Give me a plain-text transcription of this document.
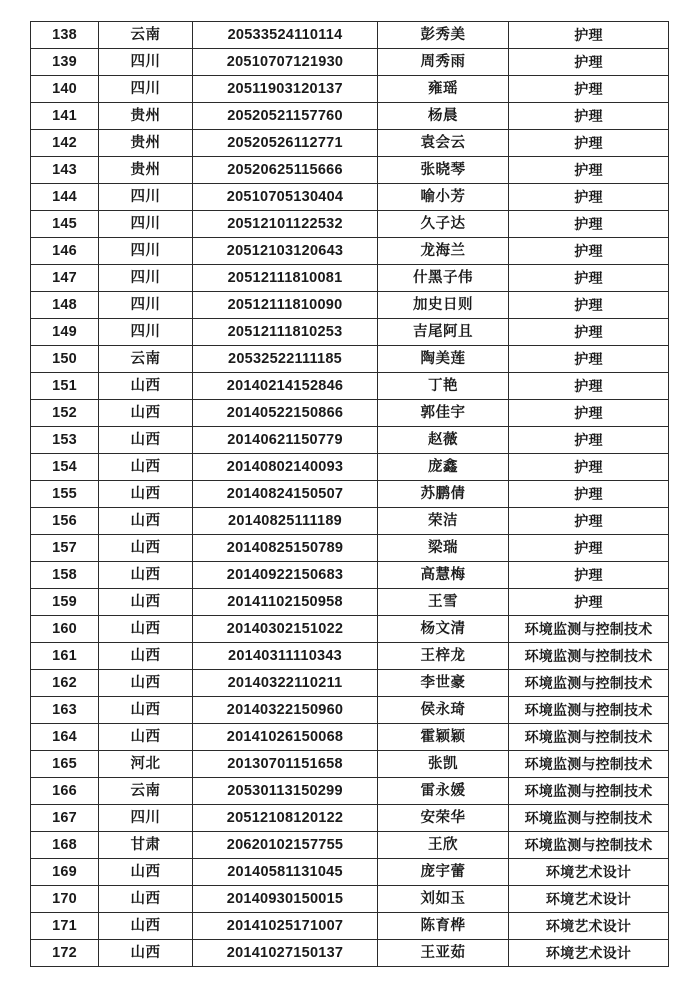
138	云南	20533524110114	彭秀美	护理
139	四川	20510707121930	周秀雨	护理
140	四川	20511903120137	雍瑶	护理
141	贵州	20520521157760	杨晨	护理
142	贵州	20520526112771	袁会云	护理
143	贵州	20520625115666	张晓琴	护理
144	四川	20510705130404	喻小芳	护理
145	四川	20512101122532	久子达	护理
146	四川	20512103120643	龙海兰	护理
147	四川	20512111810081	什黑子伟	护理
148	四川	20512111810090	加史日则	护理
149	四川	20512111810253	吉尾阿且	护理
150	云南	20532522111185	陶美莲	护理
151	山西	20140214152846	丁艳	护理
152	山西	20140522150866	郭佳宇	护理
153	山西	20140621150779	赵薇	护理
154	山西	20140802140093	庞鑫	护理
155	山西	20140824150507	苏鹏倩	护理
156	山西	20140825111189	荣洁	护理
157	山西	20140825150789	梁瑞	护理
158	山西	20140922150683	高慧梅	护理
159	山西	20141102150958	王雪	护理
160	山西	20140302151022	杨文清	环境监测与控制技术
161	山西	20140311110343	王梓龙	环境监测与控制技术
162	山西	20140322110211	李世豪	环境监测与控制技术
163	山西	20140322150960	侯永琦	环境监测与控制技术
164	山西	20141026150068	霍颖颖	环境监测与控制技术
165	河北	20130701151658	张凯	环境监测与控制技术
166	云南	20530113150299	雷永媛	环境监测与控制技术
167	四川	20512108120122	安荣华	环境监测与控制技术
168	甘肃	20620102157755	王欣	环境监测与控制技术
169	山西	20140581131045	庞宇蕾	环境艺术设计
170	山西	20140930150015	刘如玉	环境艺术设计
171	山西	20141025171007	陈育桦	环境艺术设计
172	山西	20141027150137	王亚茹	环境艺术设计
